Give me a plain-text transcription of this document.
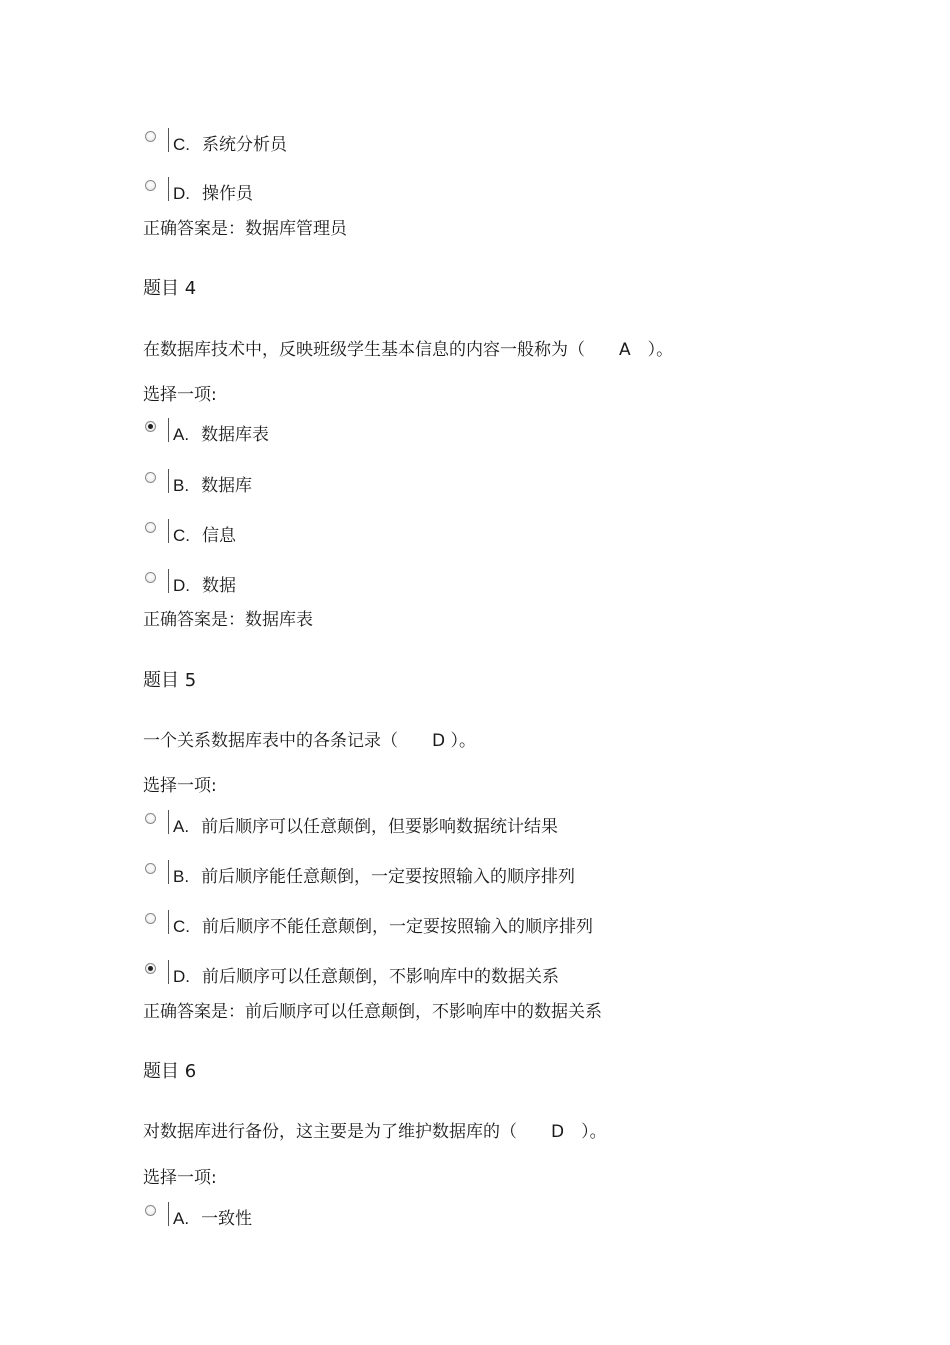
C. 系统分析员
D. 操作员
正确答案是：数据库管理员
题目 4
在数据库技术中，反映班级学生基本信息的内容一般称为（　　A　）。
选择一项:
A. 数据库表
B. 数据库
C. 信息
D. 数据
正确答案是：数据库表
题目 5
一个关系数据库表中的各条记录（　　D ）。
选择一项:
A. 前后顺序可以任意颠倒，但要影响数据统计结果
B. 前后顺序能任意颠倒，一定要按照输入的顺序排列
C. 前后顺序不能任意颠倒，一定要按照输入的顺序排列
D. 前后顺序可以任意颠倒，不影响库中的数据关系
正确答案是：前后顺序可以任意颠倒，不影响库中的数据关系
题目 6
对数据库进行备份，这主要是为了维护数据库的（　　D　）。
选择一项:
A. 一致性
